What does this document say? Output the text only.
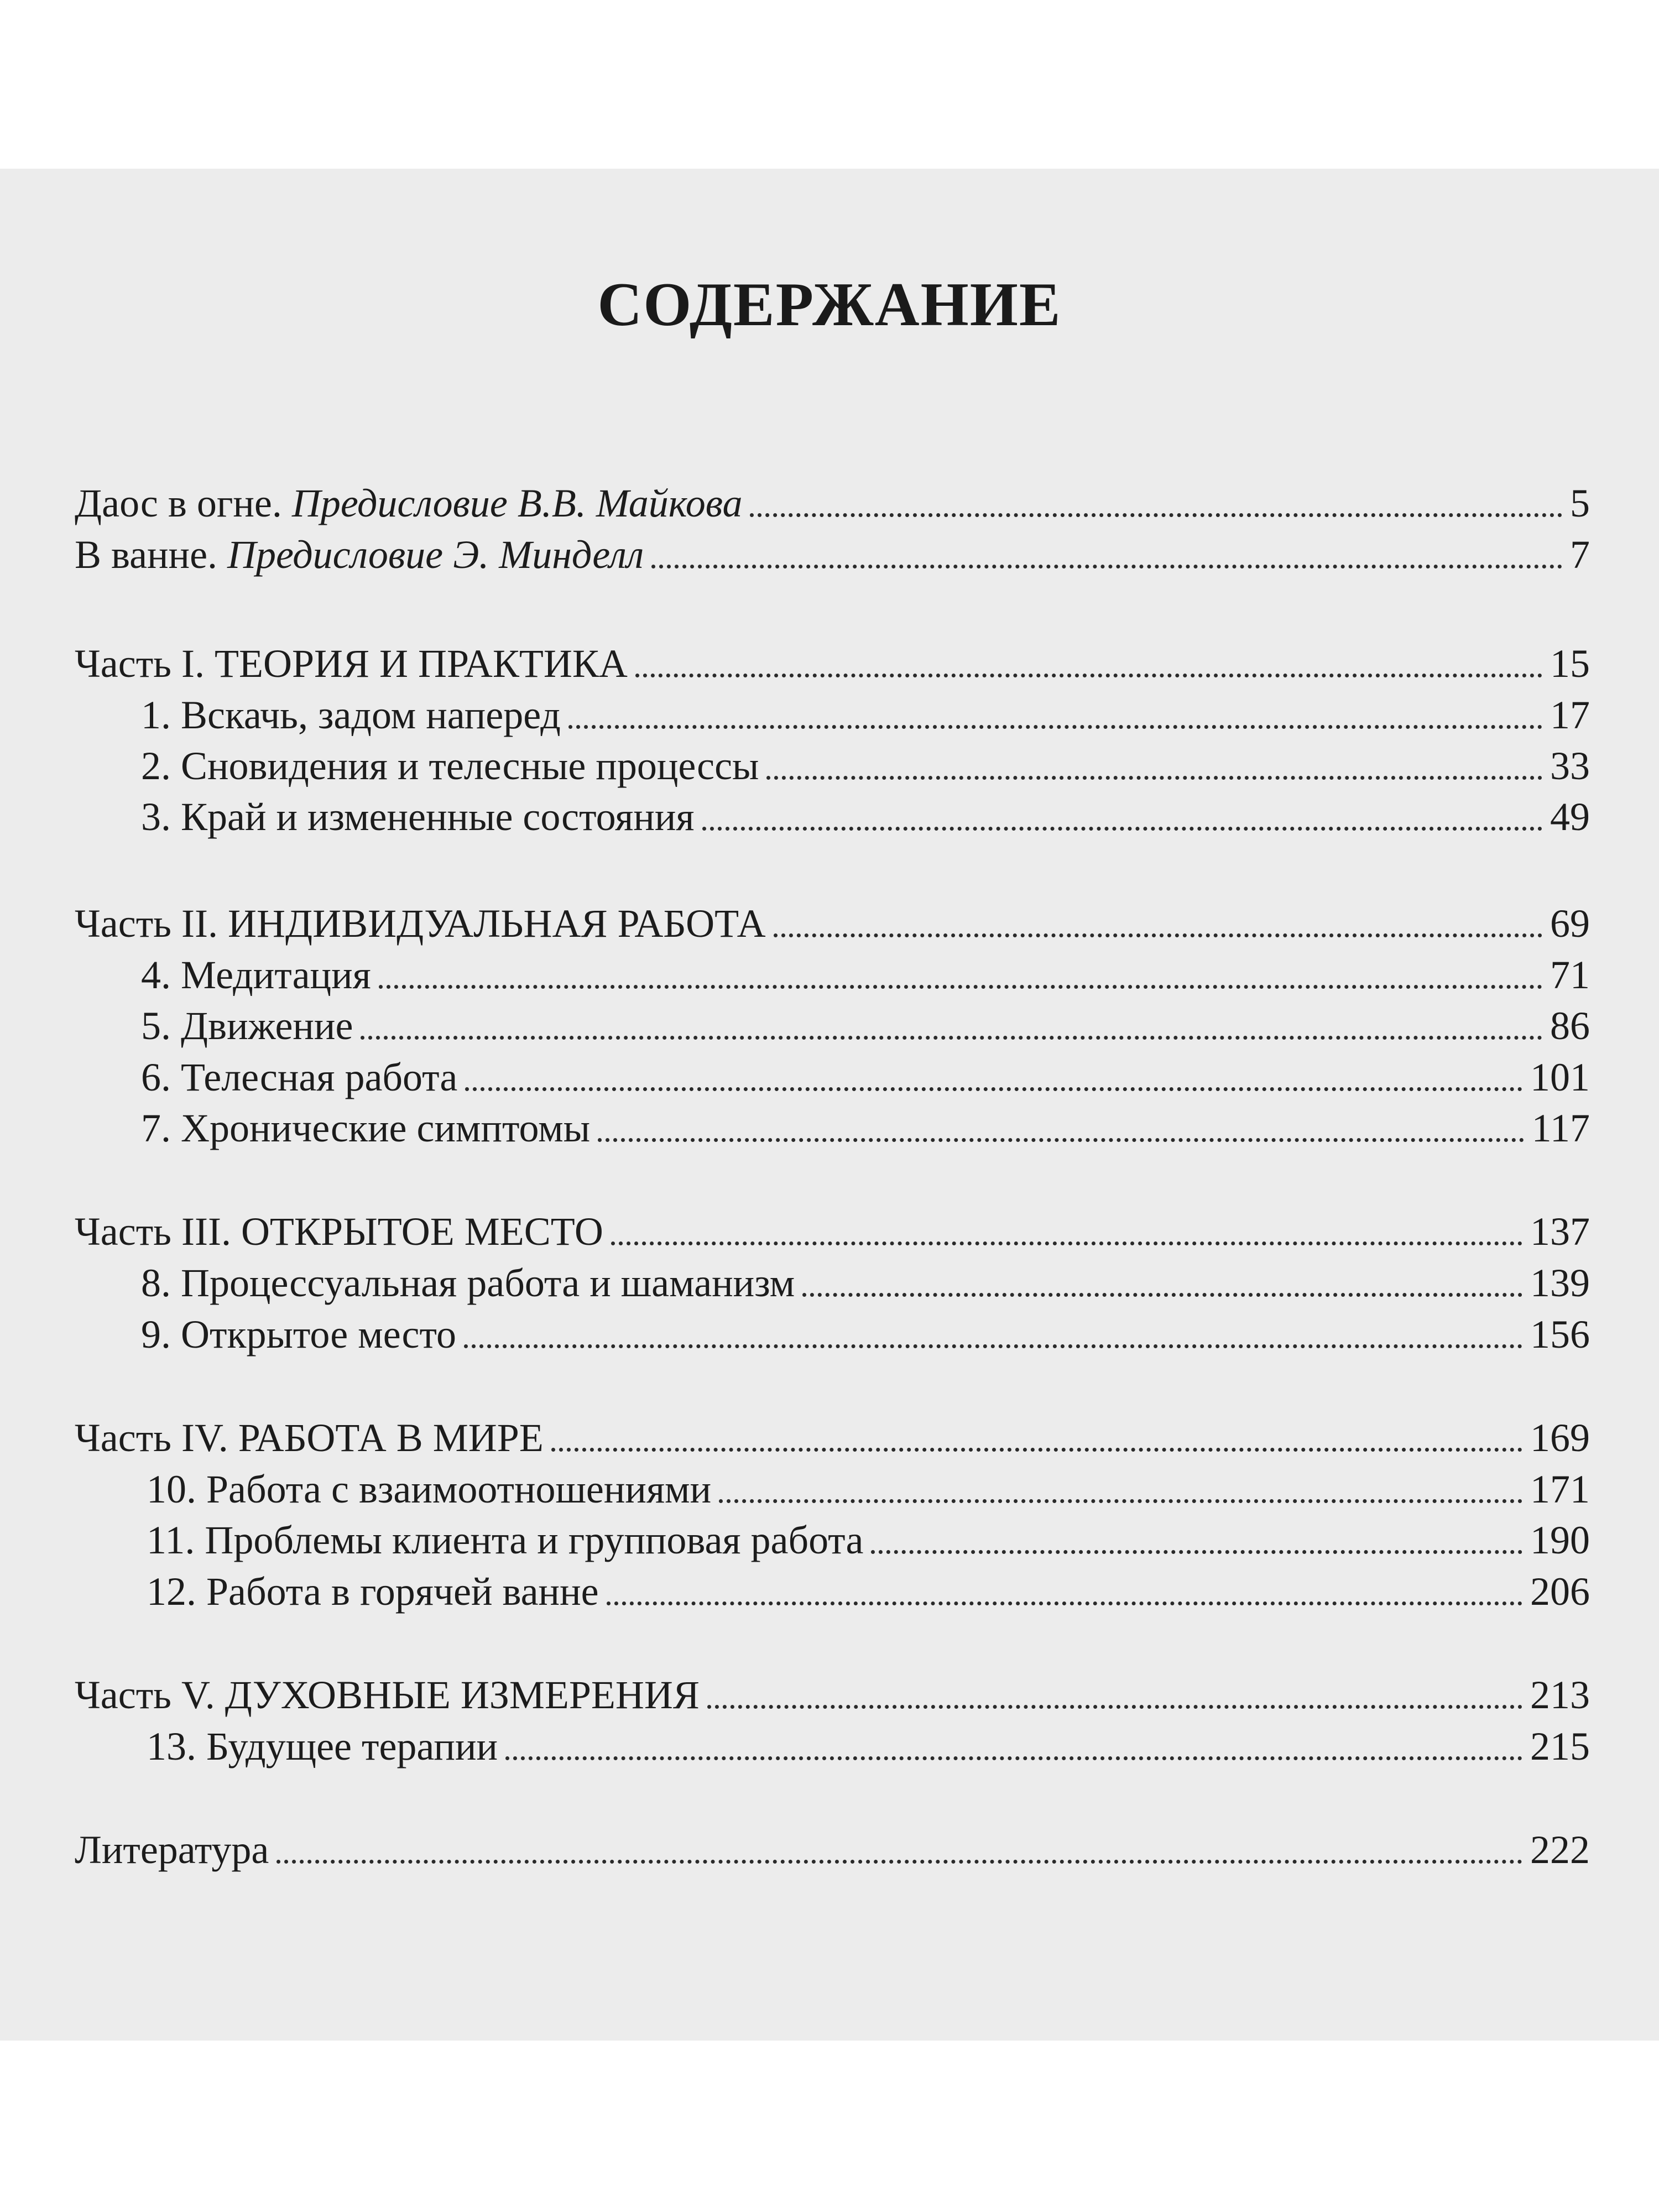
СОДЕРЖАНИЕ
Даос в огне. Предисловие В.В. Майкова	5
В ванне. Предисловие Э. Минделл	7
Часть I. ТЕОРИЯ И ПРАКТИКА	15
1. Вскачь, задом наперед	17
2. Сновидения и телесные процессы	33
3. Край и измененные состояния	49
Часть II. ИНДИВИДУАЛЬНАЯ РАБОТА	69
4. Медитация	71
5. Движение	86
6. Телесная работа	101
7. Хронические симптомы	117
Часть III. ОТКРЫТОЕ МЕСТО	137
8. Процессуальная работа и шаманизм	139
9. Открытое место	156
Часть IV. РАБОТА В МИРЕ	169
10. Работа с взаимоотношениями	171
11. Проблемы клиента и групповая работа	190
12. Работа в горячей ванне	206
Часть V. ДУХОВНЫЕ ИЗМЕРЕНИЯ	213
13. Будущее терапии	215
Литература	222
